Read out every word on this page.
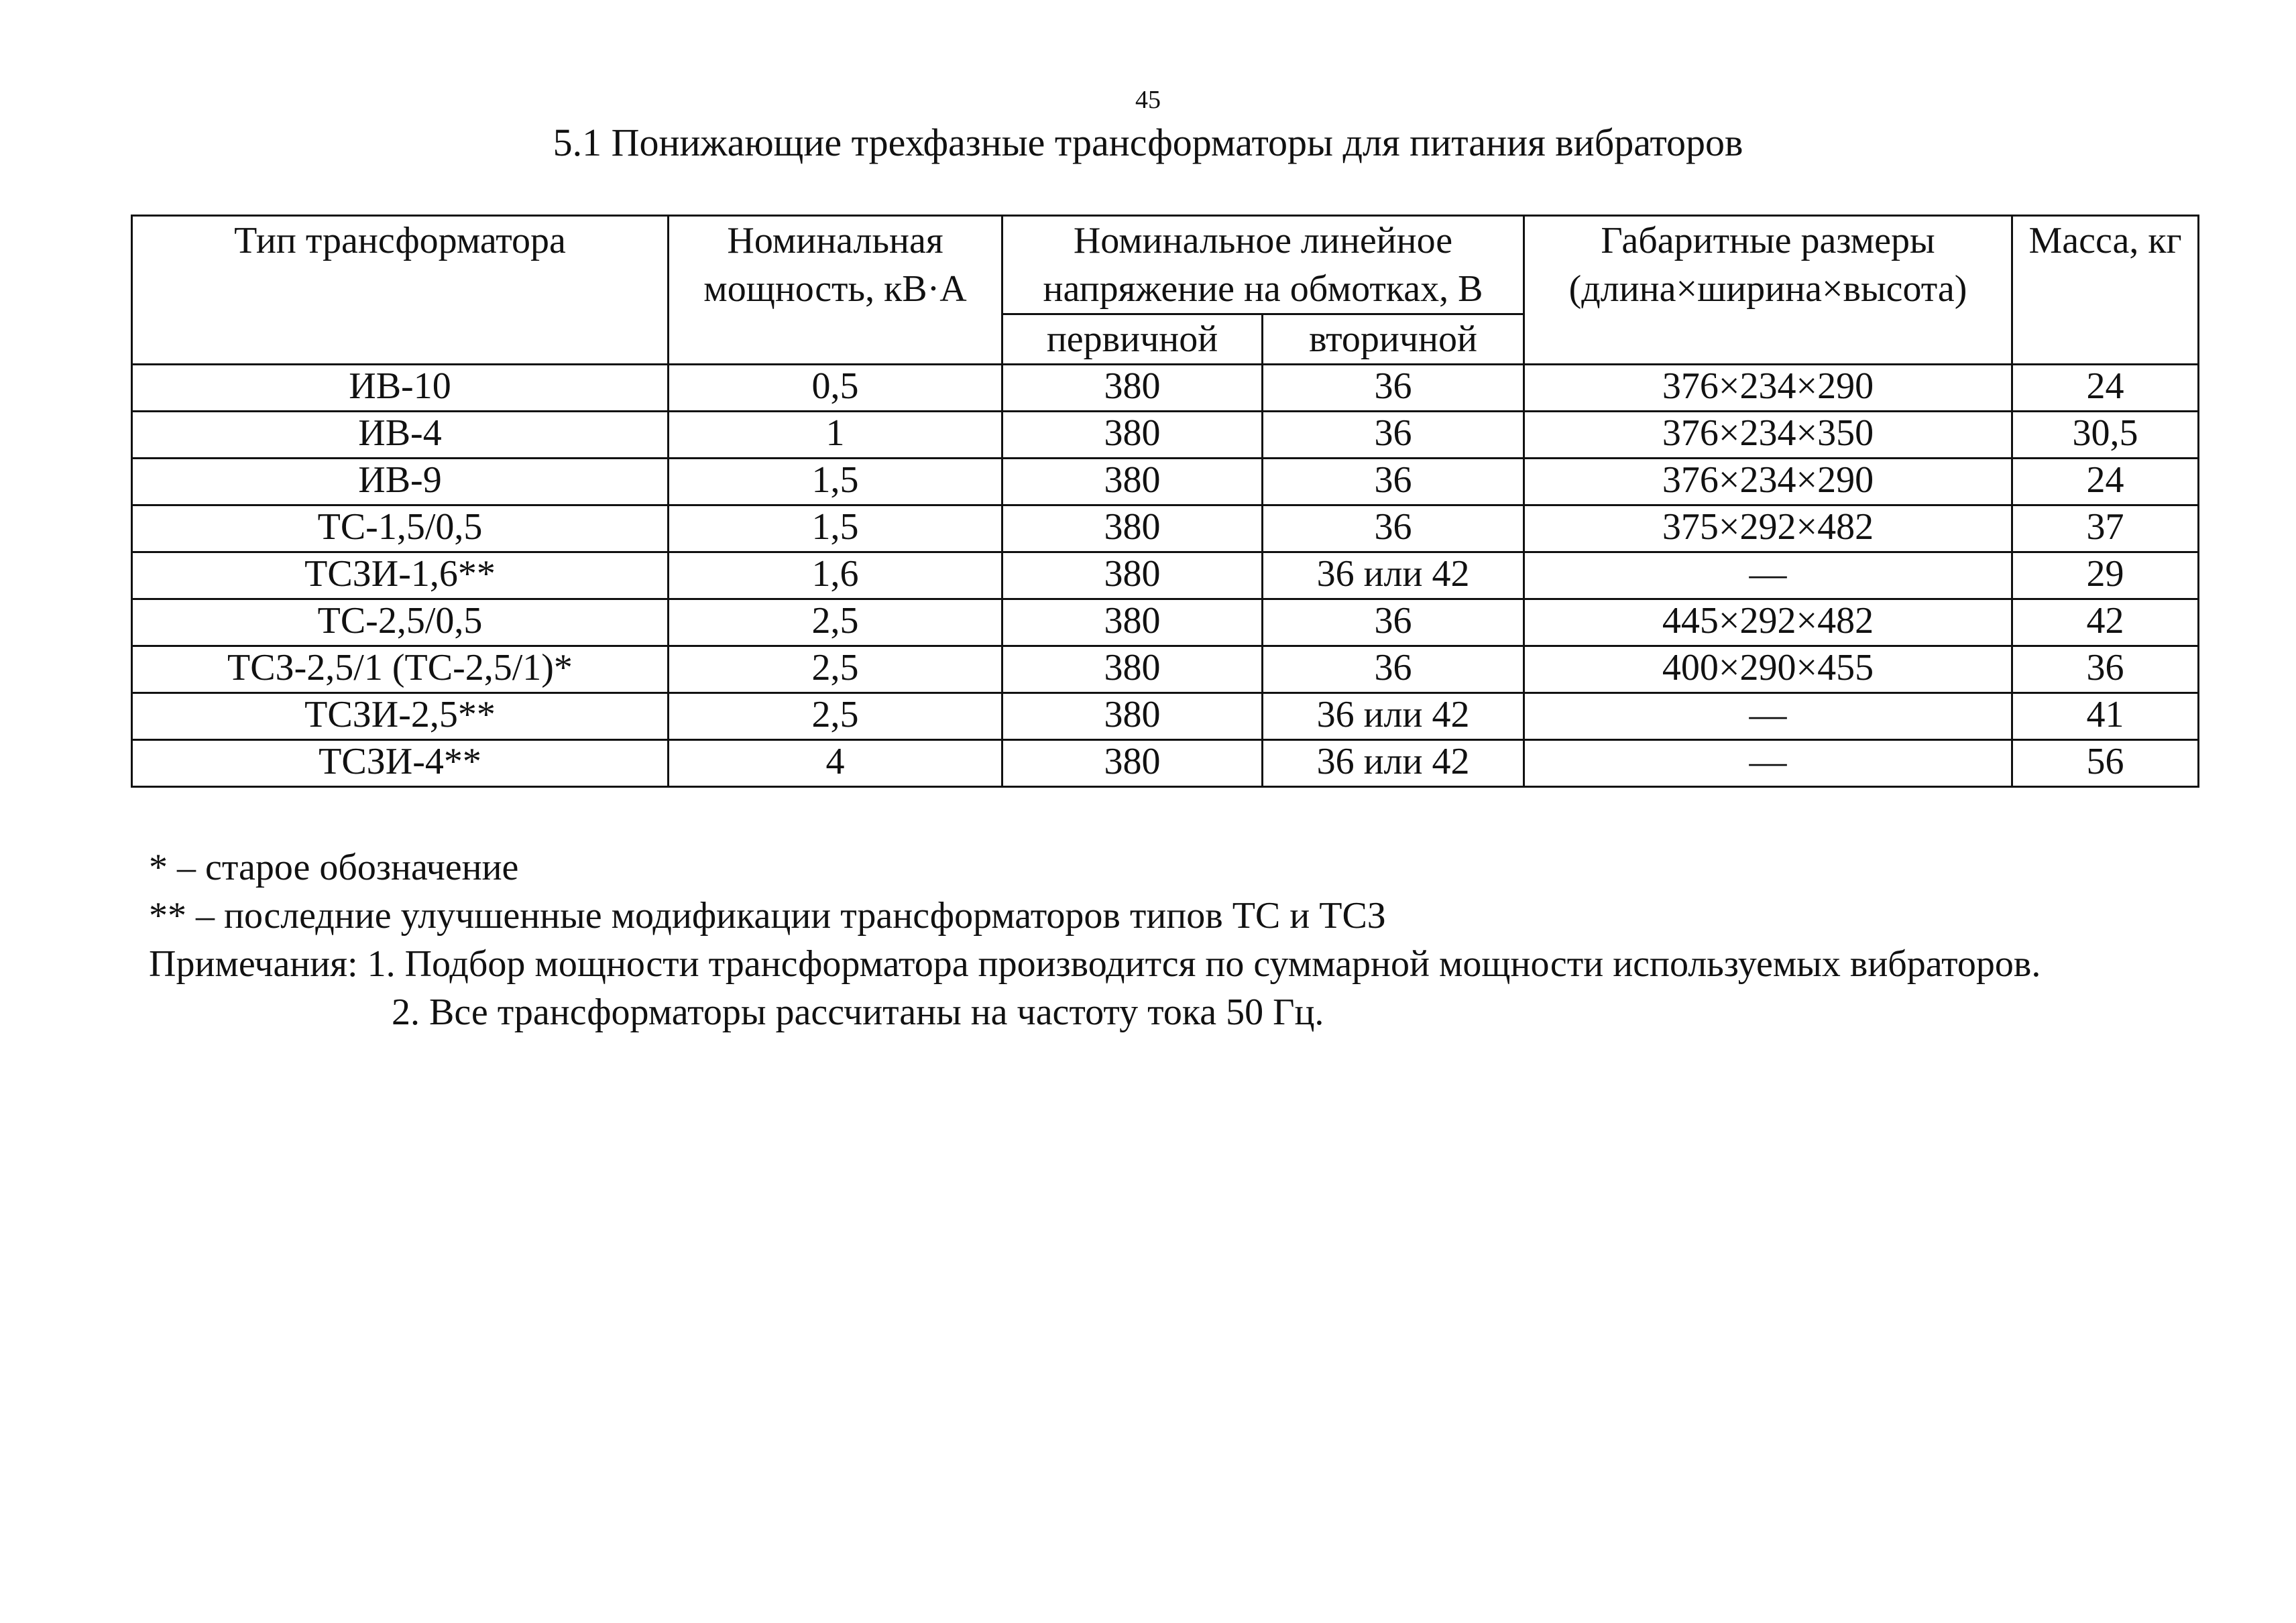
45
5.1 Понижающие трехфазные трансформаторы для питания вибраторов
Тип трансформатора	Номинальная мощность, кВ·А	Номинальное линейное напряжение на обмотках, В		Габаритные размеры (длина×ширина×высота)	Масса, кг
		первичной	вторичной		
ИВ-10	0,5	380	36	376×234×290	24
ИВ-4	1	380	36	376×234×350	30,5
ИВ-9	1,5	380	36	376×234×290	24
ТС-1,5/0,5	1,5	380	36	375×292×482	37
ТСЗИ-1,6**	1,6	380	36 или 42	—	29
ТС-2,5/0,5	2,5	380	36	445×292×482	42
ТСЗ-2,5/1 (ТС-2,5/1)*	2,5	380	36	400×290×455	36
ТСЗИ-2,5**	2,5	380	36 или 42	—	41
ТСЗИ-4**	4	380	36 или 42	—	56
* – старое обозначение
** – последние улучшенные модификации трансформаторов типов ТС и ТСЗ
Примечания: 1. Подбор мощности трансформатора производится по суммарной мощности используемых вибраторов.
2. Все трансформаторы рассчитаны на частоту тока 50 Гц.
